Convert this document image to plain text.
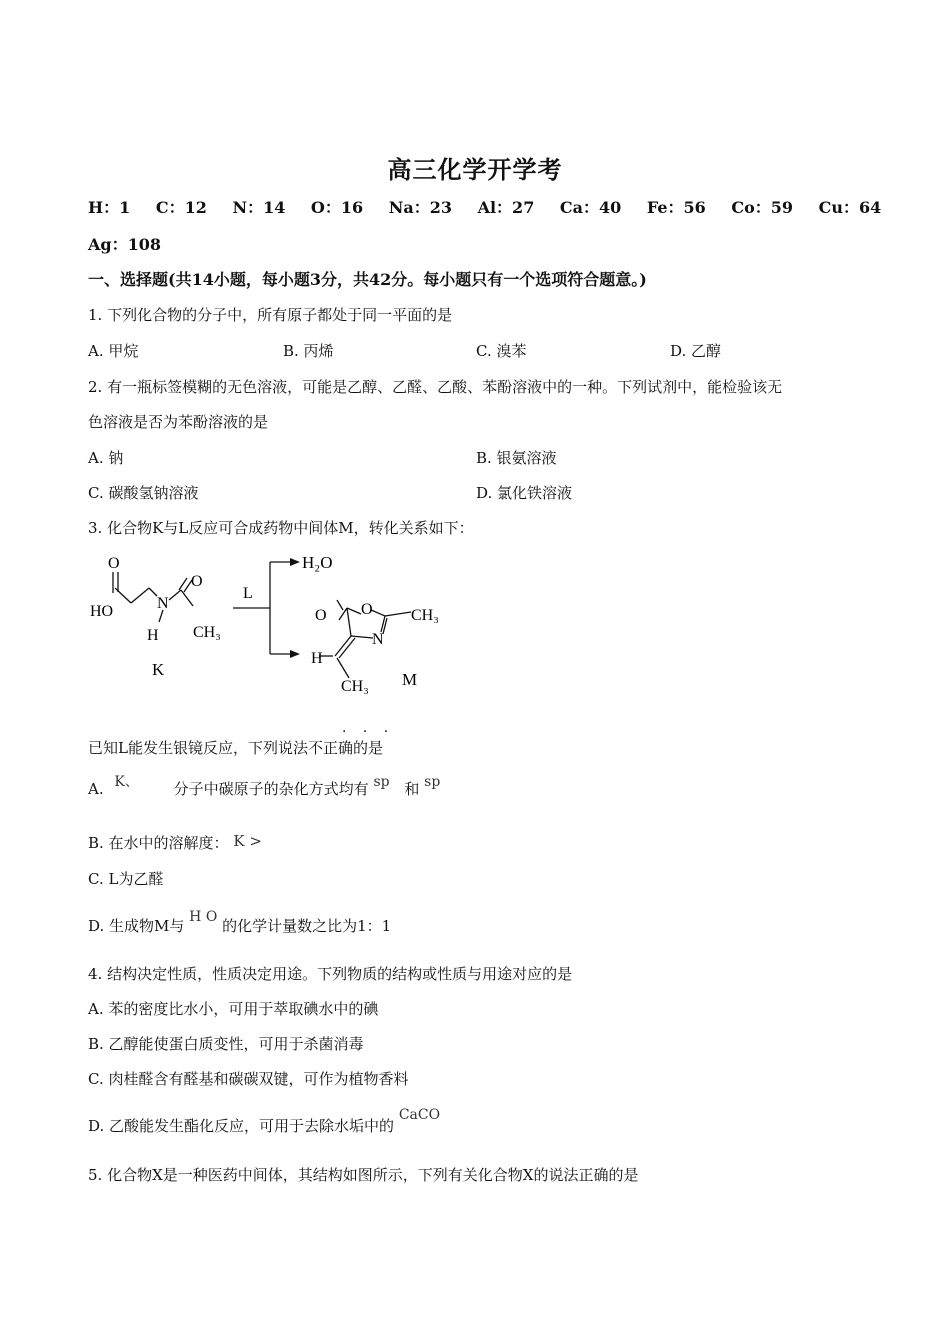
高三化学开学考
H：1 C：12 N：14 O：16 Na：23 Al：27 Ca：40 Fe：56 Co：59 Cu：64
Ag：108
一、选择题(共14小题，每小题3分，共42分。每小题只有一个选项符合题意。)
1. 下列化合物的分子中，所有原子都处于同一平面的是
A. 甲烷	B. 丙烯	C. 溴苯	D. 乙醇
2. 有一瓶标签模糊的无色溶液，可能是乙醇、乙醛、乙酸、苯酚溶液中的一种。下列试剂中，能检验该无
色溶液是否为苯酚溶液的是
A. 钠	B. 银氨溶液
C. 碳酸氢钠溶液	D. 氯化铁溶液
3. 化合物K与L反应可合成药物中间体M，转化关系如下：
O
HO	N
H
O
CH₃
K
L
H₂O
O O
N
CH₃
H
CH₃ M
· · ·
已知L能发生银镜反应，下列说法不正确的是
A. K、 分子中碳原子的杂化方式均有 sp 和 sp
B. 在水中的溶解度： K >
C. L为乙醛
D. 生成物M与 H O 的化学计量数之比为1：1
4. 结构决定性质，性质决定用途。下列物质的结构或性质与用途对应的是
A. 苯的密度比水小，可用于萃取碘水中的碘
B. 乙醇能使蛋白质变性，可用于杀菌消毒
C. 肉桂醛含有醛基和碳碳双键，可作为植物香料
D. 乙酸能发生酯化反应，可用于去除水垢中的 CaCO
5. 化合物X是一种医药中间体，其结构如图所示，下列有关化合物X的说法正确的是
